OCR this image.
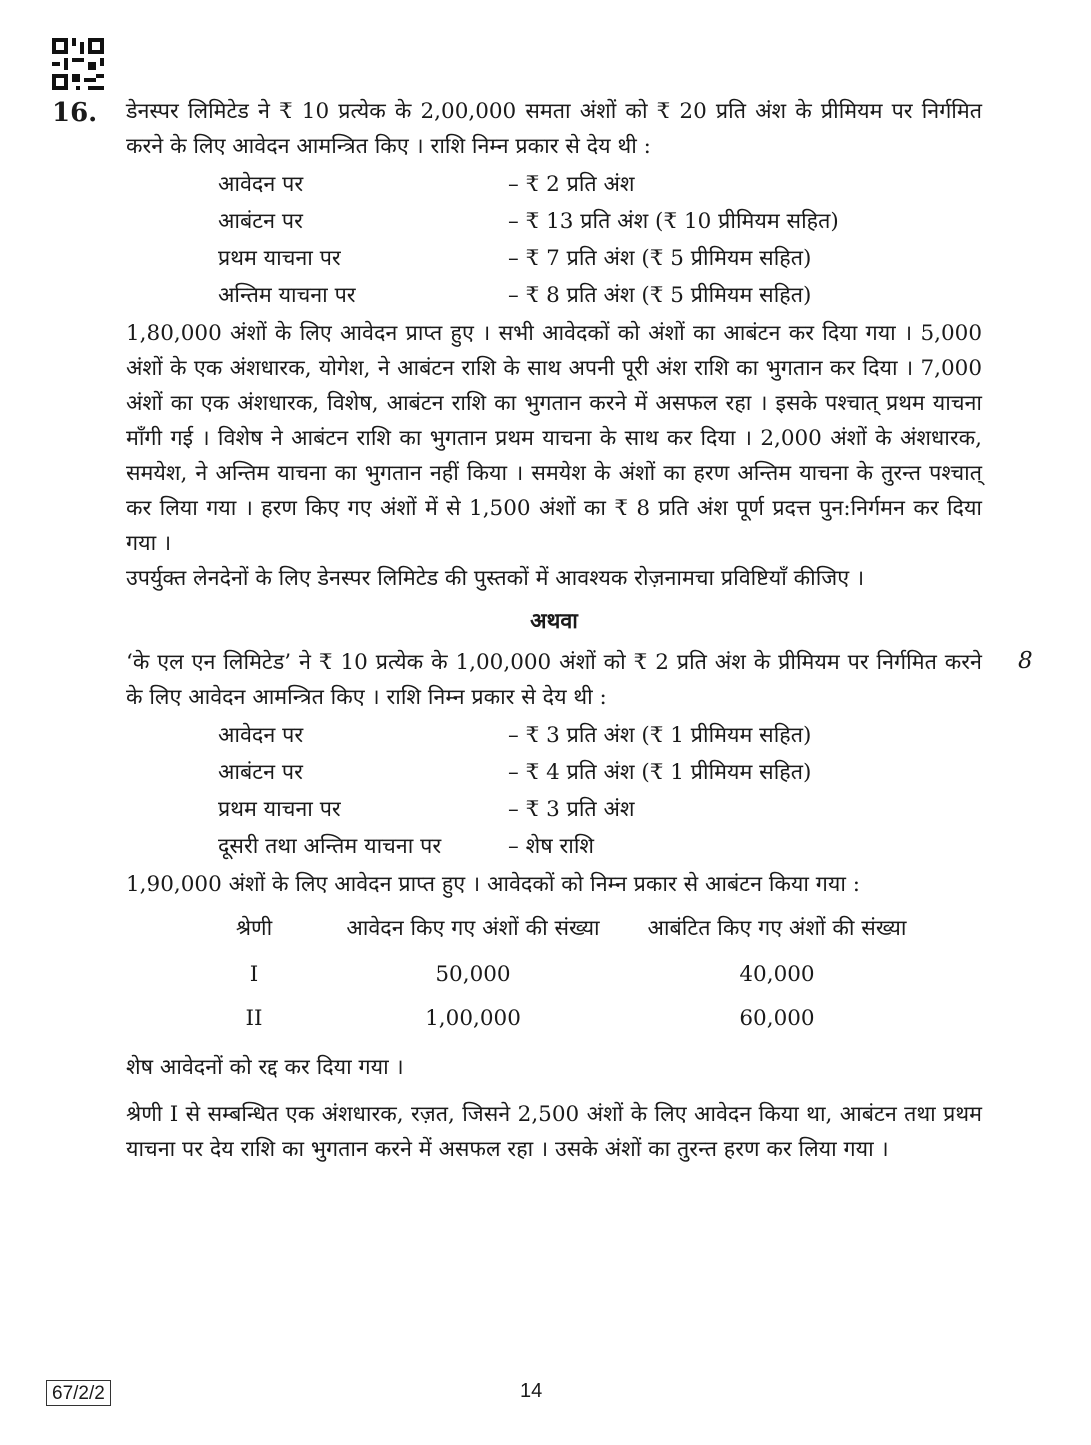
16. डेनस्पर लिमिटेड ने ₹ 10 प्रत्येक के 2,00,000 समता अंशों को ₹ 20 प्रति अंश के प्रीमियम पर निर्गमित करने के लिए आवेदन आमन्त्रित किए । राशि निम्न प्रकार से देय थी :

आवेदन पर	– ₹ 2 प्रति अंश
आबंटन पर	– ₹ 13 प्रति अंश (₹ 10 प्रीमियम सहित)
प्रथम याचना पर	– ₹ 7 प्रति अंश (₹ 5 प्रीमियम सहित)
अन्तिम याचना पर	– ₹ 8 प्रति अंश (₹ 5 प्रीमियम सहित)

1,80,000 अंशों के लिए आवेदन प्राप्त हुए । सभी आवेदकों को अंशों का आबंटन कर दिया गया । 5,000 अंशों के एक अंशधारक, योगेश, ने आबंटन राशि के साथ अपनी पूरी अंश राशि का भुगतान कर दिया । 7,000 अंशों का एक अंशधारक, विशेष, आबंटन राशि का भुगतान करने में असफल रहा । इसके पश्चात् प्रथम याचना माँगी गई । विशेष ने आबंटन राशि का भुगतान प्रथम याचना के साथ कर दिया । 2,000 अंशों के अंशधारक, समयेश, ने अन्तिम याचना का भुगतान नहीं किया । समयेश के अंशों का हरण अन्तिम याचना के तुरन्त पश्चात् कर लिया गया । हरण किए गए अंशों में से 1,500 अंशों का ₹ 8 प्रति अंश पूर्ण प्रदत्त पुन:निर्गमन कर दिया गया ।

उपर्युक्त लेनदेनों के लिए डेनस्पर लिमिटेड की पुस्तकों में आवश्यक रोज़नामचा प्रविष्टियाँ कीजिए ।

अथवा

‘के एल एन लिमिटेड’ ने ₹ 10 प्रत्येक के 1,00,000 अंशों को ₹ 2 प्रति अंश के प्रीमियम पर निर्गमित करने के लिए आवेदन आमन्त्रित किए । राशि निम्न प्रकार से देय थी :

आवेदन पर	– ₹ 3 प्रति अंश (₹ 1 प्रीमियम सहित)
आबंटन पर	– ₹ 4 प्रति अंश (₹ 1 प्रीमियम सहित)
प्रथम याचना पर	– ₹ 3 प्रति अंश
दूसरी तथा अन्तिम याचना पर	– शेष राशि

1,90,000 अंशों के लिए आवेदन प्राप्त हुए । आवेदकों को निम्न प्रकार से आबंटन किया गया :

श्रेणी	आवेदन किए गए अंशों की संख्या	आबंटित किए गए अंशों की संख्या
I	50,000	40,000
II	1,00,000	60,000

शेष आवेदनों को रद्द कर दिया गया ।

श्रेणी I से सम्बन्धित एक अंशधारक, रज़त, जिसने 2,500 अंशों के लिए आवेदन किया था, आबंटन तथा प्रथम याचना पर देय राशि का भुगतान करने में असफल रहा । उसके अंशों का तुरन्त हरण कर लिया गया ।

8
67/2/2	14
